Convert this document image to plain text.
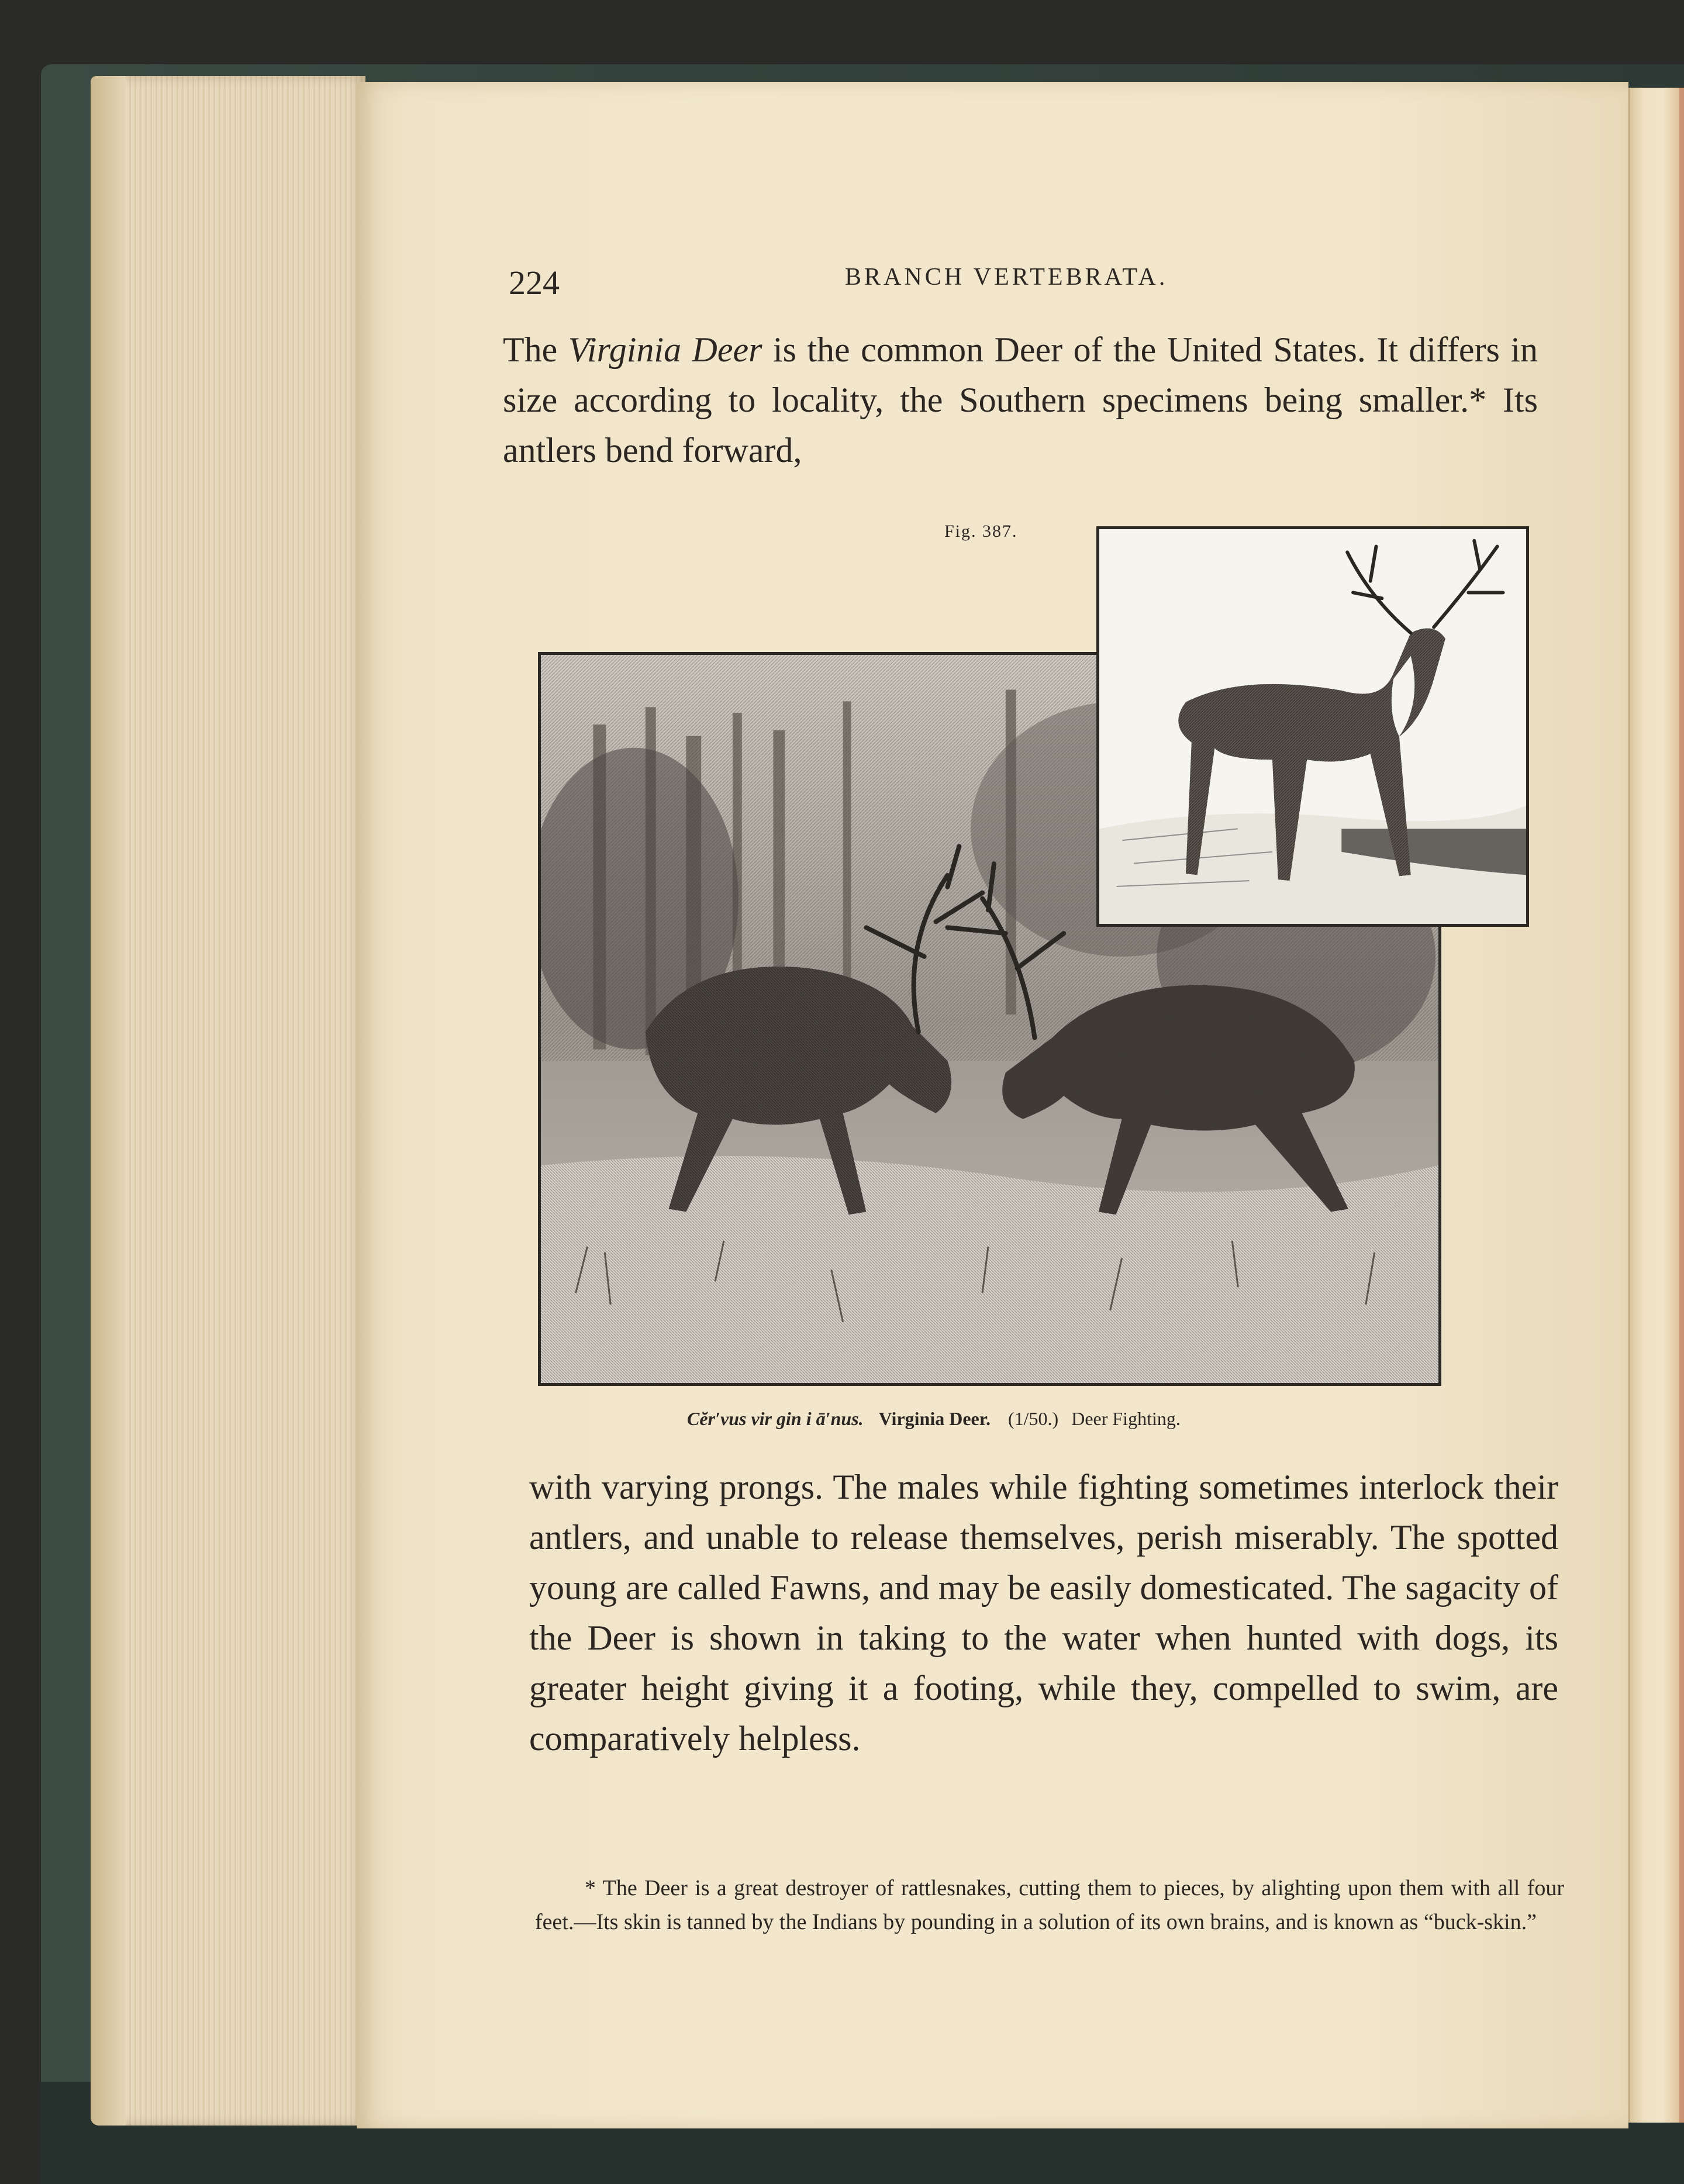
224	BRANCH VERTEBRATA.
The Virginia Deer is the common Deer of the United States. It differs in size according to locality, the Southern specimens being smaller.* Its antlers bend forward,
Fig. 387.
Cĕr′vus vir gin i ā′nus. Virginia Deer. (1/50.) Deer Fighting.
with varying prongs. The males while fighting sometimes interlock their antlers, and unable to release themselves, perish miserably. The spotted young are called Fawns, and may be easily domesticated. The sagacity of the Deer is shown in taking to the water when hunted with dogs, its greater height giving it a footing, while they, compelled to swim, are comparatively helpless.
* The Deer is a great destroyer of rattlesnakes, cutting them to pieces, by alighting upon them with all four feet.—Its skin is tanned by the Indians by pounding in a solution of its own brains, and is known as “buck-skin.”
